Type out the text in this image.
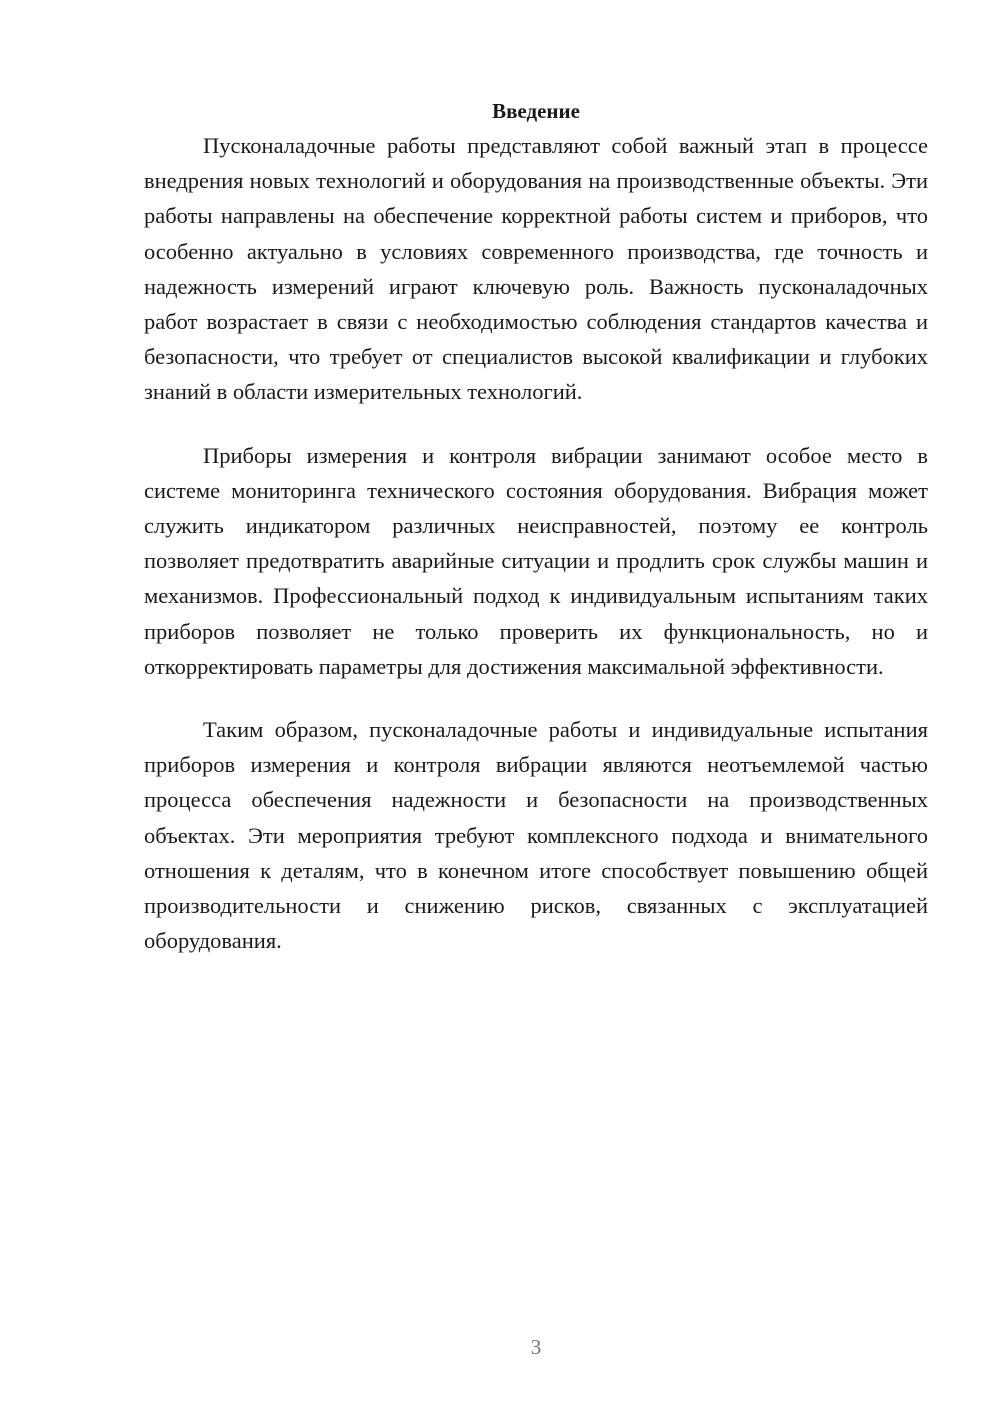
Введение

Пусконаладочные работы представляют собой важный этап в процессе внедрения новых технологий и оборудования на производственные объекты. Эти работы направлены на обеспечение корректной работы систем и приборов, что особенно актуально в условиях современного производства, где точность и надежность измерений играют ключевую роль. Важность пусконаладочных работ возрастает в связи с необходимостью соблюдения стандартов качества и безопасности, что требует от специалистов высокой квалификации и глубоких знаний в области измерительных технологий.

Приборы измерения и контроля вибрации занимают особое место в системе мониторинга технического состояния оборудования. Вибрация может служить индикатором различных неисправностей, поэтому ее контроль позволяет предотвратить аварийные ситуации и продлить срок службы машин и механизмов. Профессиональный подход к индивидуальным испытаниям таких приборов позволяет не только проверить их функциональность, но и откорректировать параметры для достижения максимальной эффективности.

Таким образом, пусконаладочные работы и индивидуальные испытания приборов измерения и контроля вибрации являются неотъемлемой частью процесса обеспечения надежности и безопасности на производственных объектах. Эти мероприятия требуют комплексного подхода и внимательного отношения к деталям, что в конечном итоге способствует повышению общей производительности и снижению рисков, связанных с эксплуатацией оборудования.

3
